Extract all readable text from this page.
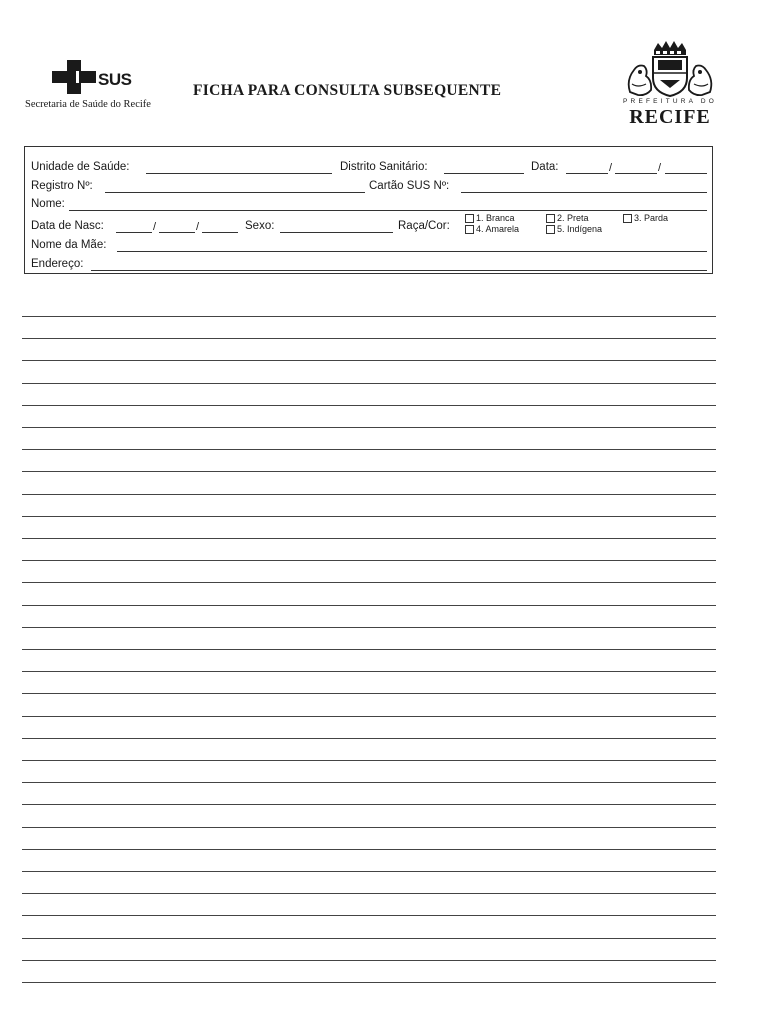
SUS
Secretaria de Saúde do Recife
FICHA PARA CONSULTA SUBSEQUENTE
PREFEITURA DO
RECIFE
Unidade de Saúde:	Distrito Sanitário:	Data:	/	/
Registro Nº:	Cartão SUS Nº:
Nome:
Data de Nasc:	/	/	Sexo:	Raça/Cor:
1. Branca	2. Preta	3. Parda
4. Amarela	5. Indígena
Nome da Mãe:
Endereço:
